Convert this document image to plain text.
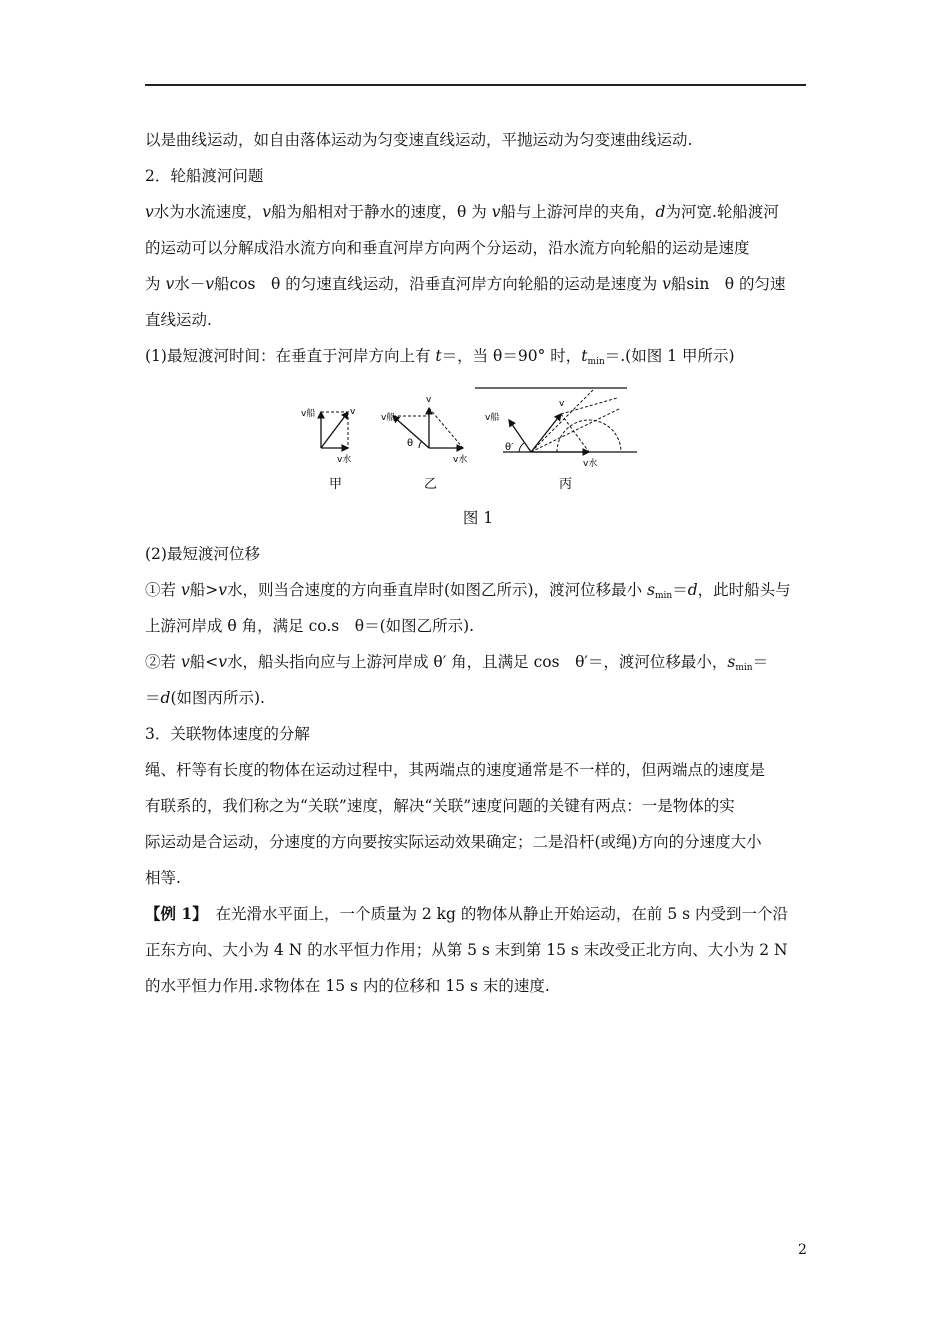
以是曲线运动，如自由落体运动为匀变速直线运动，平抛运动为匀变速曲线运动.
2．轮船渡河问题
v水为水流速度，v船为船相对于静水的速度，θ 为 v船与上游河岸的夹角，d为河宽.轮船渡河
的运动可以分解成沿水流方向和垂直河岸方向两个分运动，沿水流方向轮船的运动是速度
为 v水－v船cos　θ 的匀速直线运动，沿垂直河岸方向轮船的运动是速度为 v船sin　θ 的匀速
直线运动.
(1)最短渡河时间：在垂直于河岸方向上有 t＝，当 θ＝90° 时，$t_{min}=$.(如图 1 甲所示)
v船	v
v水
甲
v船
v
θ
v水
乙
v船
v
θ′
v水
丙
图 1
(2)最短渡河位移
①若 v船>v水，则当合速度的方向垂直岸时(如图乙所示)，渡河位移最小 $s_{min}=d$，此时船头与
上游河岸成 θ 角，满足 co.s　θ＝(如图乙所示).
②若 v船<v水，船头指向应与上游河岸成 θ′ 角，且满足 cos　θ′＝，渡河位移最小，$s_{min}=$
＝d(如图丙所示).
3．关联物体速度的分解
绳、杆等有长度的物体在运动过程中，其两端点的速度通常是不一样的，但两端点的速度是
有联系的，我们称之为“关联”速度，解决“关联”速度问题的关键有两点：一是物体的实
际运动是合运动，分速度的方向要按实际运动效果确定；二是沿杆(或绳)方向的分速度大小
相等.
【例 1】　在光滑水平面上，一个质量为 2 kg 的物体从静止开始运动，在前 5 s 内受到一个沿
正东方向、大小为 4 N 的水平恒力作用；从第 5 s 末到第 15 s 末改受正北方向、大小为 2 N
的水平恒力作用.求物体在 15 s 内的位移和 15 s 末的速度.
2
